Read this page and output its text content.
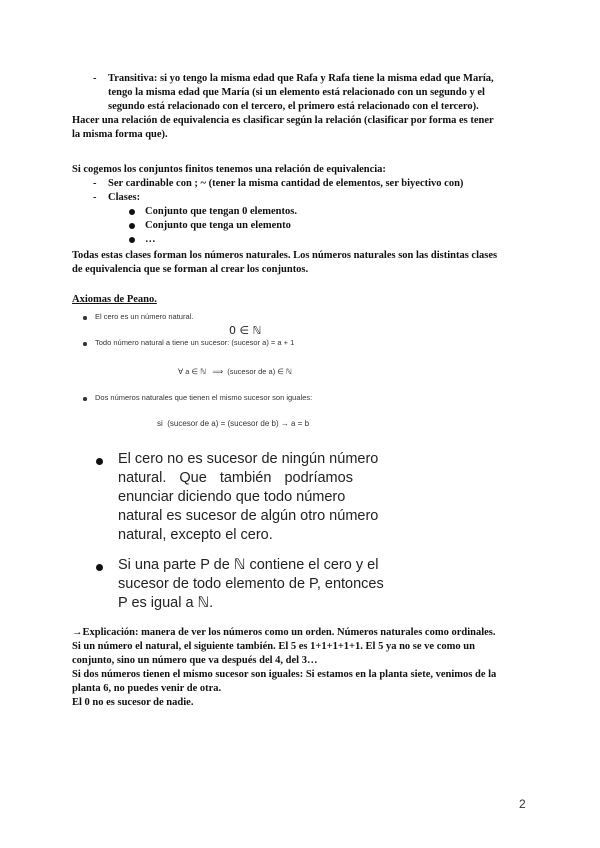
- Transitiva: si yo tengo la misma edad que Rafa y Rafa tiene la misma edad que María,
tengo la misma edad que María (si un elemento está relacionado con un segundo y el
segundo está relacionado con el tercero, el primero está relacionado con el tercero).
Hacer una relación de equivalencia es clasificar según la relación (clasificar por forma es tener
la misma forma que).
Si cogemos los conjuntos finitos tenemos una relación de equivalencia:
- Ser cardinable con ; ~ (tener la misma cantidad de elementos, ser biyectivo con)
- Clases:
Conjunto que tengan 0 elementos.
Conjunto que tenga un elemento
…
Todas estas clases forman los números naturales. Los números naturales son las distintas clases
de equivalencia que se forman al crear los conjuntos.
Axiomas de Peano.
El cero es un número natural.
0 ∈ ℕ
Todo número natural a tiene un sucesor: (sucesor a) = a + 1
∀ a ∈ ℕ   ⟹  (sucesor de a) ∈ ℕ
Dos números naturales que tienen el mismo sucesor son iguales:
si  (sucesor de a) = (sucesor de b) → a = b
El cero no es sucesor de ningún número
natural. Que también podríamos
enunciar diciendo que todo número
natural es sucesor de algún otro número
natural, excepto el cero.
Si una parte P de ℕ contiene el cero y el
sucesor de todo elemento de P, entonces
P es igual a ℕ.
→Explicación: manera de ver los números como un orden. Números naturales como ordinales.
Si un número el natural, el siguiente también. El 5 es 1+1+1+1+1. El 5 ya no se ve como un
conjunto, sino un número que va después del 4, del 3…
Si dos números tienen el mismo sucesor son iguales: Si estamos en la planta siete, venimos de la
planta 6, no puedes venir de otra.
El 0 no es sucesor de nadie.
2
